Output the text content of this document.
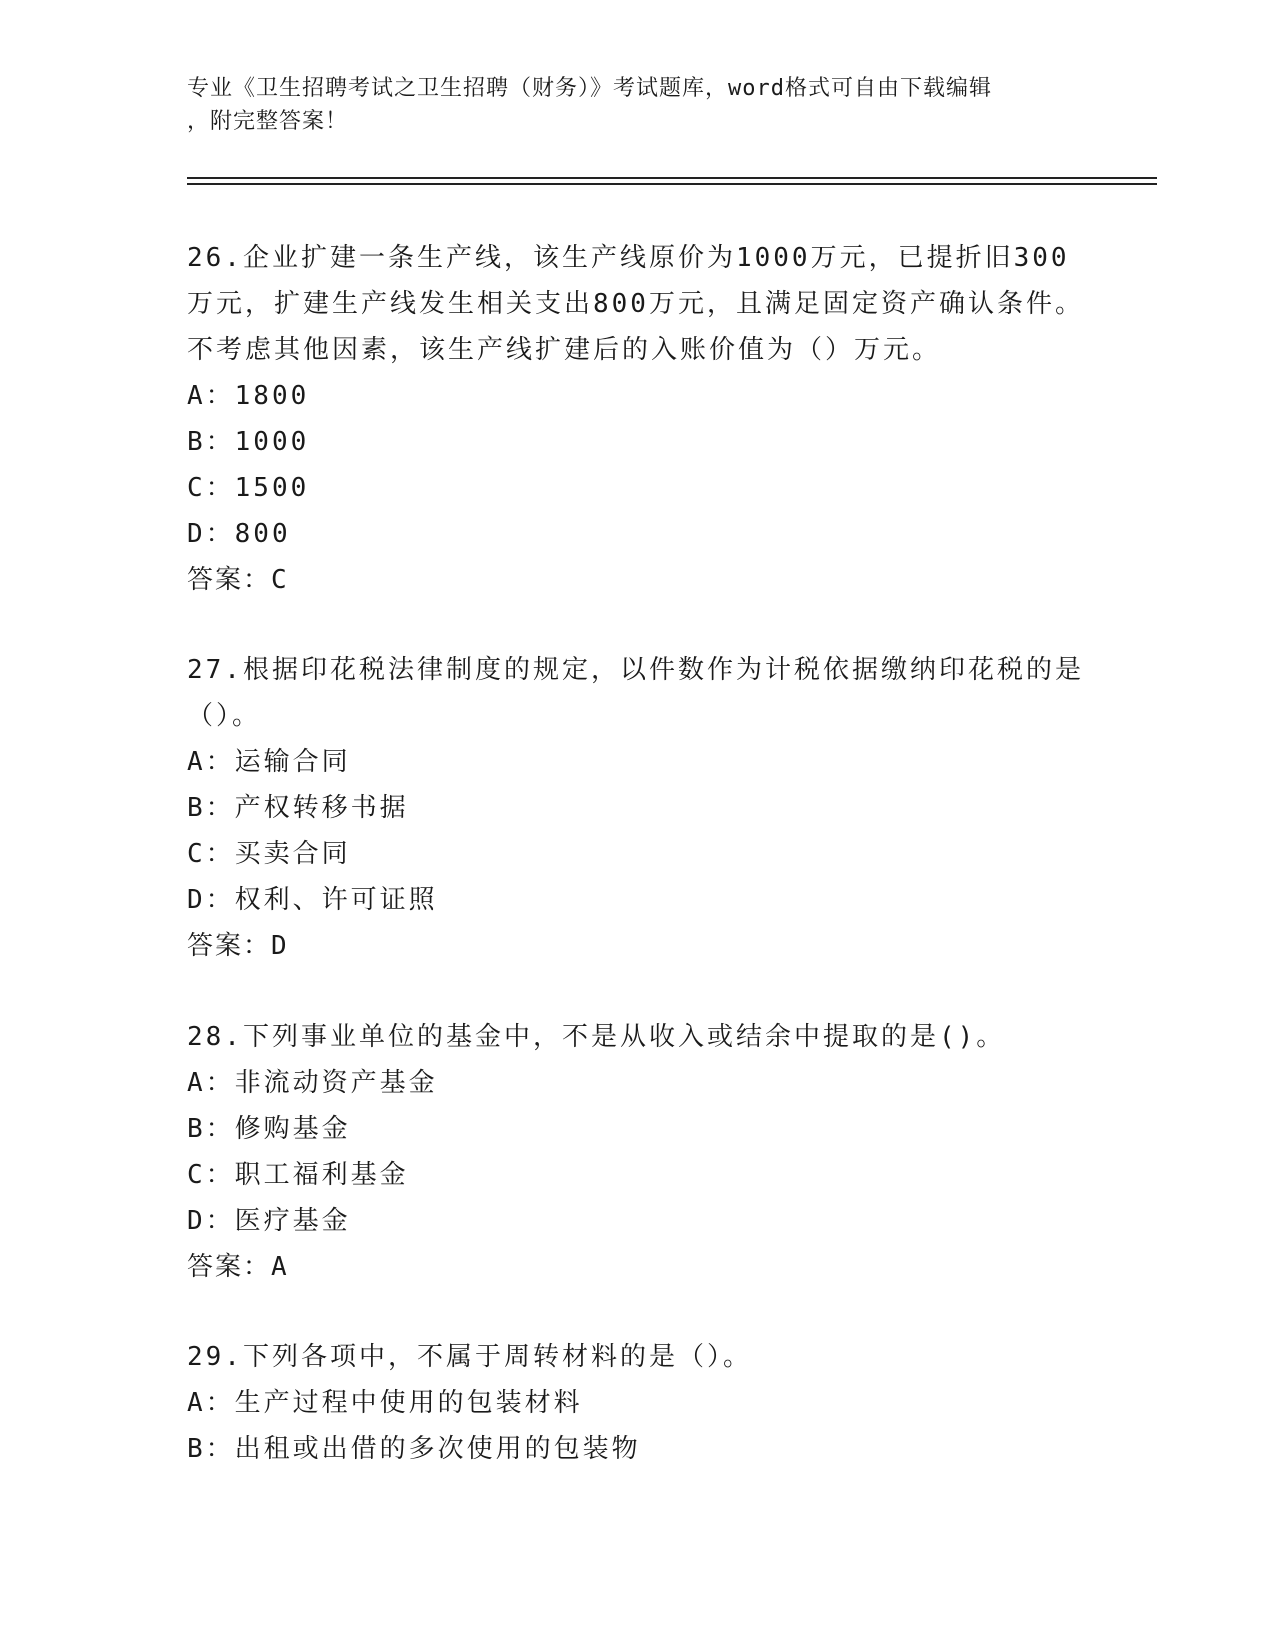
专业《卫生招聘考试之卫生招聘（财务）》考试题库，word格式可自由下载编辑
，附完整答案！
26.企业扩建一条生产线，该生产线原价为1000万元，已提折旧300万元，扩建生产线发生相关支出800万元，且满足固定资产确认条件。不考虑其他因素，该生产线扩建后的入账价值为（）万元。
A：1800
B：1000
C：1500
D：800
答案：C
27.根据印花税法律制度的规定，以件数作为计税依据缴纳印花税的是（）。
A：运输合同
B：产权转移书据
C：买卖合同
D：权利、许可证照
答案：D
28.下列事业单位的基金中，不是从收入或结余中提取的是()。
A：非流动资产基金
B：修购基金
C：职工福利基金
D：医疗基金
答案：A
29.下列各项中，不属于周转材料的是（）。
A：生产过程中使用的包装材料
B：出租或出借的多次使用的包装物
